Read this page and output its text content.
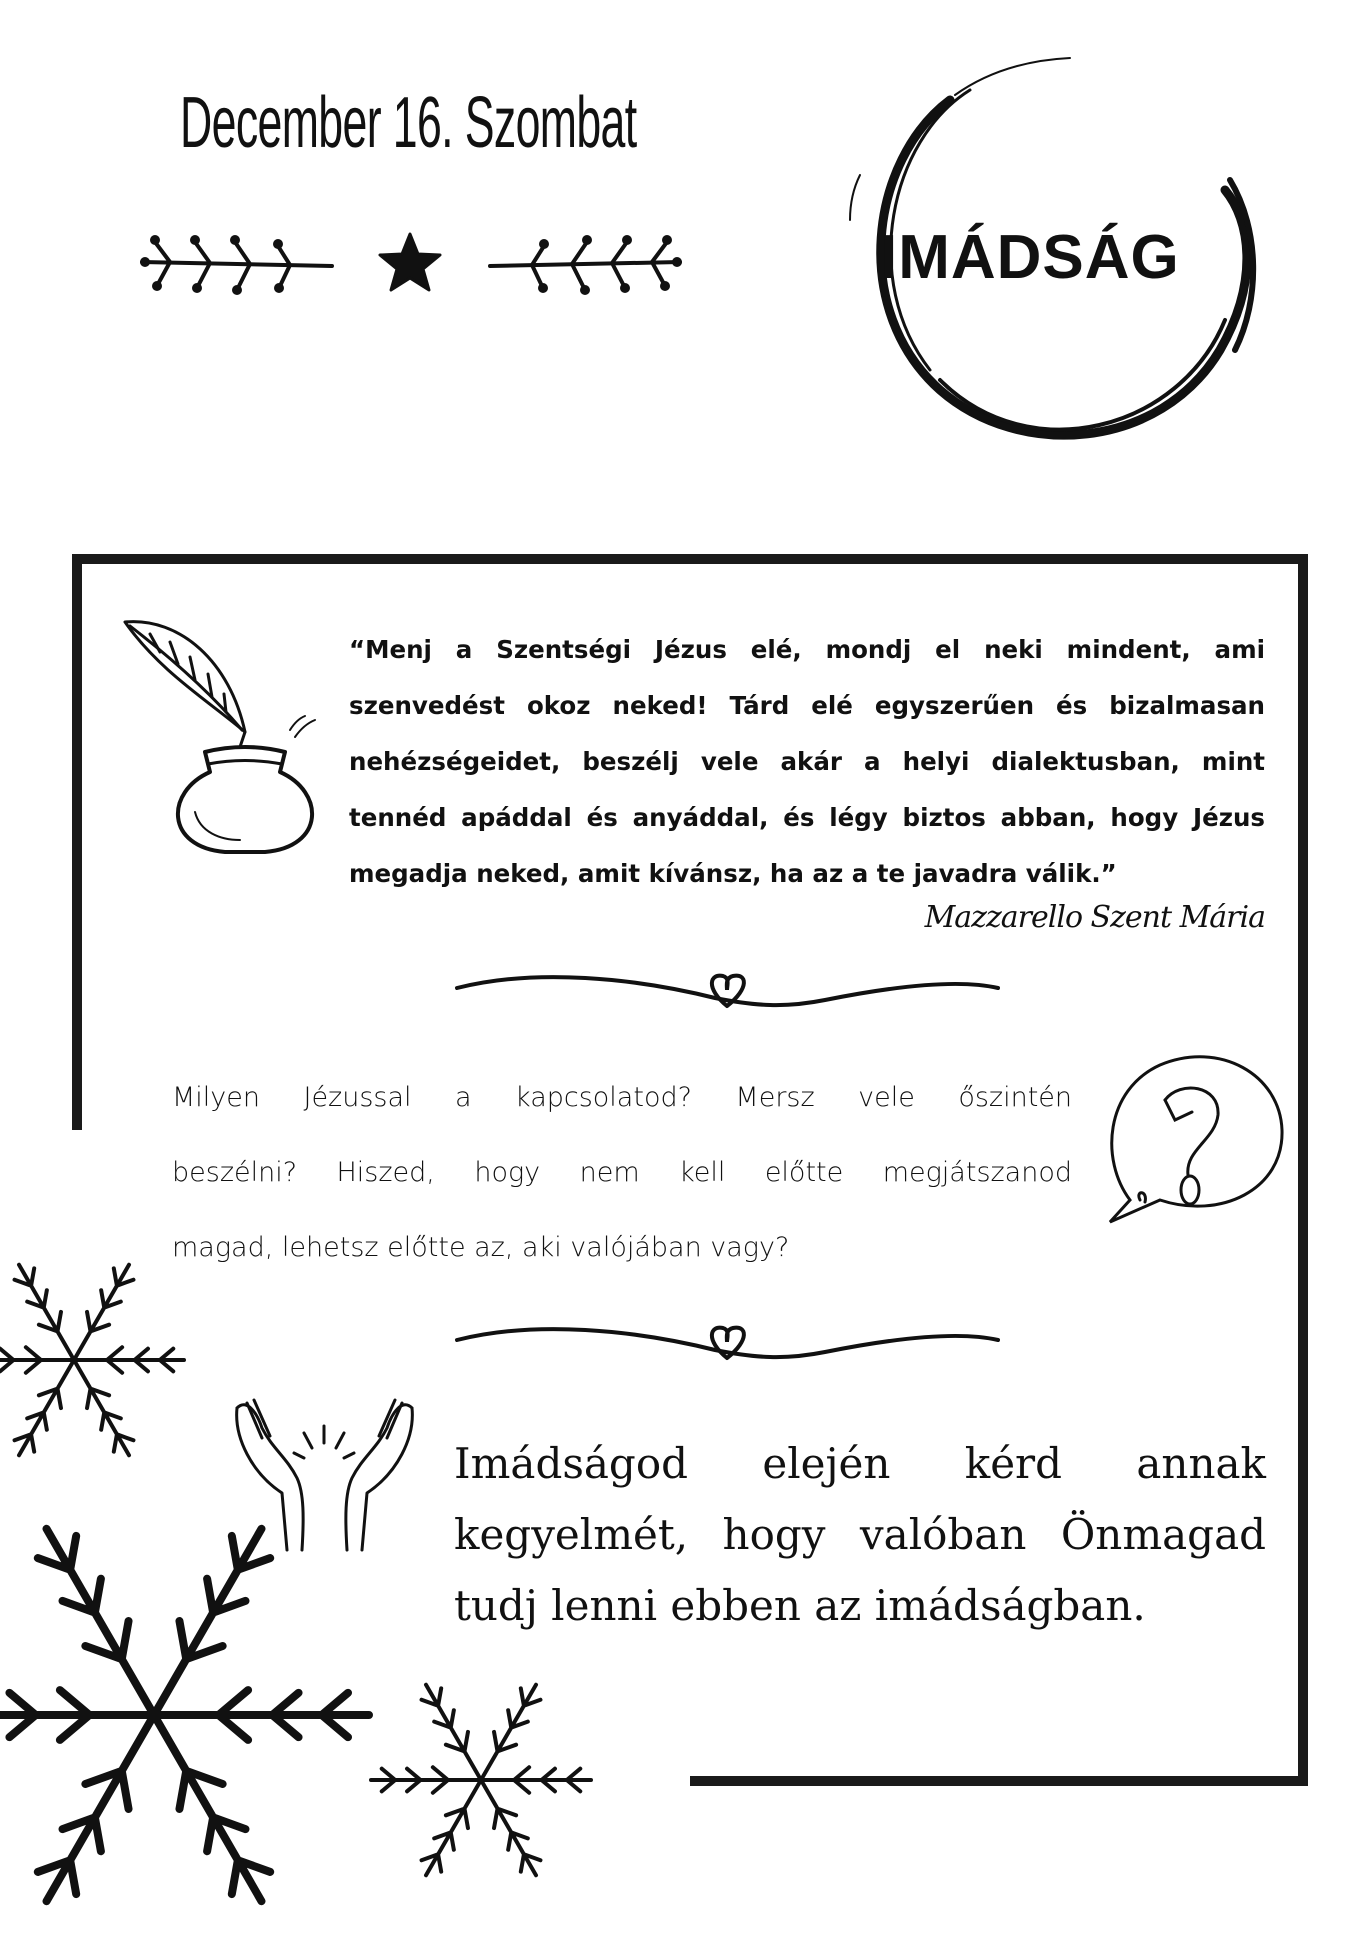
December 16. Szombat
IMÁDSÁG
“Menj a Szentségi Jézus elé, mondj el neki mindent, ami
szenvedést okoz neked! Tárd elé egyszerűen és bizalmasan
nehézségeidet, beszélj vele akár a helyi dialektusban, mint
tennéd apáddal és anyáddal, és légy biztos abban, hogy Jézus
megadja neked, amit kívánsz, ha az a te javadra válik.”
Mazzarello Szent Mária
Milyen Jézussal a kapcsolatod? Mersz vele őszintén
beszélni? Hiszed, hogy nem kell előtte megjátszanod
magad, lehetsz előtte az, aki valójában vagy?
Imádságod elején kérd annak
kegyelmét, hogy valóban Önmagad
tudj lenni ebben az imádságban.
